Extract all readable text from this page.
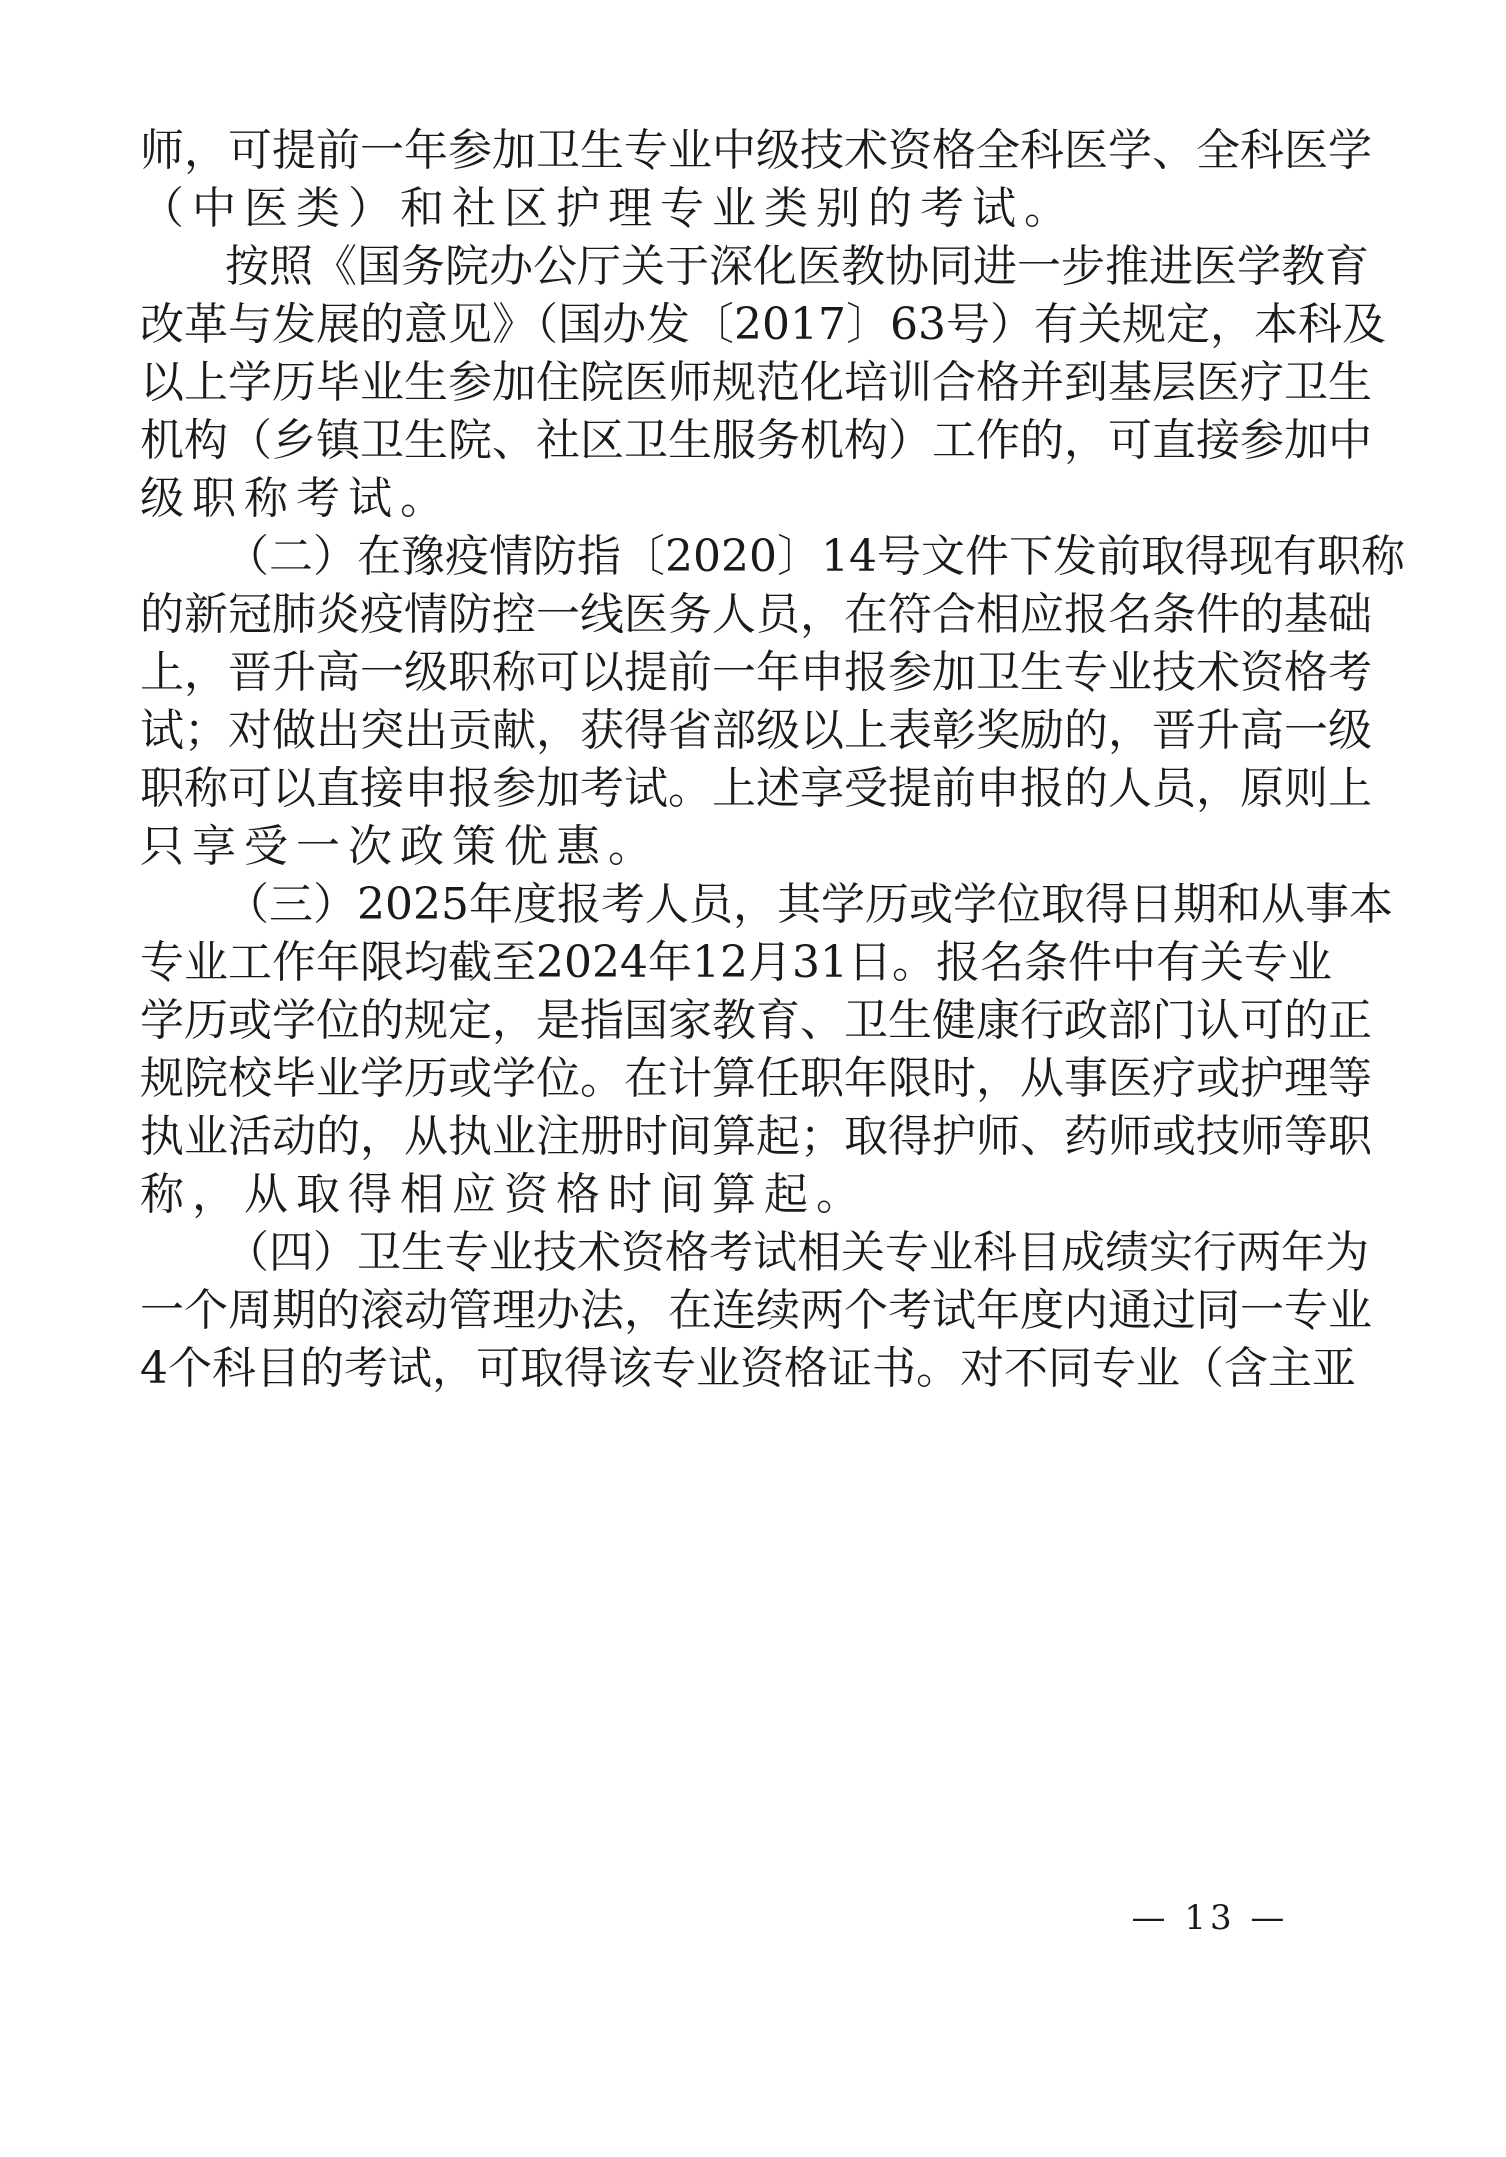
师，可提前一年参加卫生专业中级技术资格全科医学、全科医学
（中医类）和社区护理专业类别的考试。
按照《国务院办公厅关于深化医教协同进一步推进医学教育
改革与发展的意见》（国办发〔2017〕63号）有关规定，本科及
以上学历毕业生参加住院医师规范化培训合格并到基层医疗卫生
机构（乡镇卫生院、社区卫生服务机构）工作的，可直接参加中
级职称考试。
（二）在豫疫情防指〔2020〕14号文件下发前取得现有职称
的新冠肺炎疫情防控一线医务人员，在符合相应报名条件的基础
上，晋升高一级职称可以提前一年申报参加卫生专业技术资格考
试；对做出突出贡献，获得省部级以上表彰奖励的，晋升高一级
职称可以直接申报参加考试。上述享受提前申报的人员，原则上
只享受一次政策优惠。
（三）2025年度报考人员，其学历或学位取得日期和从事本
专业工作年限均截至2024年12月31日。报名条件中有关专业
学历或学位的规定，是指国家教育、卫生健康行政部门认可的正
规院校毕业学历或学位。在计算任职年限时，从事医疗或护理等
执业活动的，从执业注册时间算起；取得护师、药师或技师等职
称，从取得相应资格时间算起。
（四）卫生专业技术资格考试相关专业科目成绩实行两年为
一个周期的滚动管理办法，在连续两个考试年度内通过同一专业
4个科目的考试，可取得该专业资格证书。对不同专业（含主亚
— 13 —
